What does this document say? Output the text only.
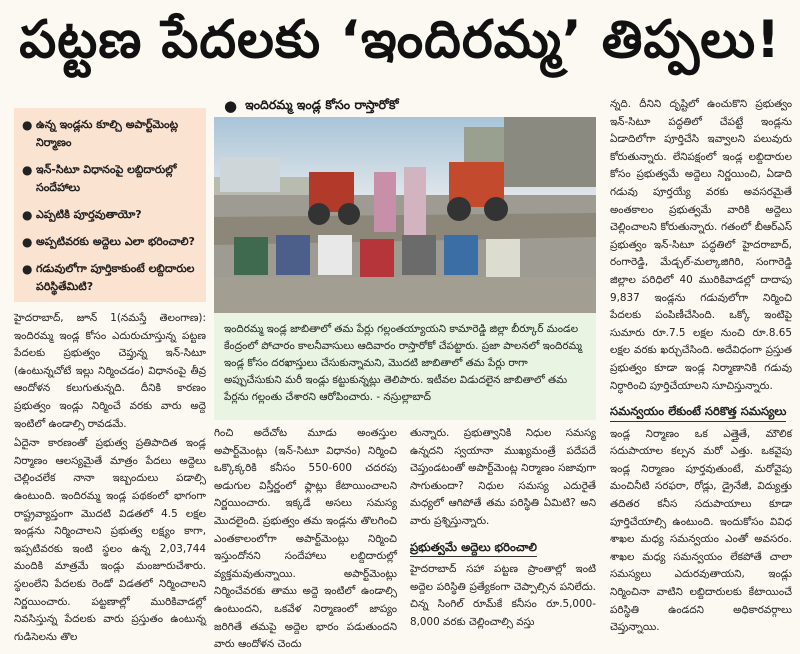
పట్టణ పేదలకు ‘ఇందిరమ్మ’ తిప్పలు!
● ఉన్న ఇండ్లను కూల్చి అపార్ట్‌మెంట్ల నిర్మాణం
● ఇన్-సిటూ విధానంపై లబ్దిదారుల్లో సందేహాలు
● ఎప్పటికి పూర్తవుతాయో?
● అప్పటివరకు అద్దెలు ఎలా భరించాలి?
● గడువులోగా పూర్తికాకుంటే లబ్దిదారుల పరిస్థితేమిటి?
● ఇందిరమ్మ ఇండ్ల కోసం రాస్తారోకో
ఇందిరమ్మ ఇండ్ల జాబితాలో తమ పేర్లు గల్లంతయ్యాయని కామారెడ్డి జిల్లా బీర్కూర్ మండల కేంద్రంలో పోచారం కాలనీవాసులు ఆదివారం రాస్తారోకో చేపట్టారు. ప్రజా పాలనలో ఇందిరమ్మ ఇండ్ల కోసం దరఖాస్తులు చేసుకున్నామని, మొదటి జాబితాలో తమ పేర్లు రాగా అప్పుచేసుకుని మరీ ఇండ్లు కట్టుకున్నట్లు తెలిపారు. ఇటీవల విడుదలైన జాబితాలో తమ పేర్లను గల్లంతు చేశారని ఆరోపించారు. - నస్రుల్లాబాద్

హైదరాబాద్, జూన్ 1(నమస్తే తెలంగాణ): ఇందిరమ్మ ఇండ్ల కోసం ఎదురుచూస్తున్న పట్టణ పేదలకు ప్రభుత్వం చెప్తున్న ఇన్-సిటూ (ఉంటున్నచోటే ఇల్లు నిర్మించడం) విధానంపై తీవ్ర ఆందోళన కలుగుతున్నది. దీనికి కారణం ప్రభుత్వం ఇండ్లు నిర్మించే వరకు వారు అద్దె ఇంటిలో ఉండాల్సి రావడమే.

ఏదైనా కారణంతో ప్రభుత్వ ప్రతిపాదిత ఇండ్ల నిర్మాణం ఆలస్యమైతే మాత్రం పేదలు అద్దెలు చెల్లించలేక నానా ఇబ్బందులు పడాల్సి ఉంటుంది. ఇందిరమ్మ ఇండ్ల పథకంలో భాగంగా రాష్ట్రవ్యాప్తంగా మొదటి విడతలో 4.5 లక్షల ఇండ్లను నిర్మించాలని ప్రభుత్వ లక్ష్యం కాగా, ఇప్పటివరకు ఇంటి స్థలం ఉన్న 2,03,744 మందికి మాత్రమే ఇండ్లు మంజూరుచేశారు. స్థలంలేని పేదలకు రెండో విడతలో నిర్మించాలని నిర్ణయించారు. పట్టణాల్లో మురికివాడల్లో నివసిస్తున్న పేదలకు వారు ప్రస్తుతం ఉంటున్న గుడిసెలను తొల

గించి అదేచోట మూడు అంతస్తుల అపార్ట్‌మెంట్లు (ఇన్-సిటూ విధానం) నిర్మించి ఒక్కొక్కరికి కనీసం 550-600 చదరపు అడుగుల విస్తీర్ణంలో ఫ్లాట్లు కేటాయించాలని నిర్ణయించారు. ఇక్కడే అసలు సమస్య మొదలైంది. ప్రభుత్వం తమ ఇండ్లను తొలగించి ఎంతకాలంలోగా అపార్ట్‌మెంట్లు నిర్మించి ఇస్తుందోనని సందేహాలు లబ్దిదారుల్లో వ్యక్తమవుతున్నాయి. అపార్ట్‌మెంట్లు నిర్మించేవరకు తాము అద్దె ఇంటిలో ఉండాల్సి ఉంటుందని, ఒకవేళ నిర్మాణంలో జాప్యం జరిగితే తమపై అద్దెల భారం పడుతుందని వారు ఆందోళన చెందు

తున్నారు. ప్రభుత్వానికి నిధుల సమస్య ఉన్నదని స్వయానా ముఖ్యమంత్రే పదేపదే చెప్తుండటంతో అపార్ట్‌మెంట్ల నిర్మాణం సజావుగా సాగుతుందా? నిధుల సమస్య ఎదురైతే మధ్యలో ఆగిపోతే తమ పరిస్థితి ఏమిటి? అని వారు ప్రశ్నిస్తున్నారు.

ప్రభుత్వమే అద్దెలు భరించాలి

హైదరాబాద్ సహా పట్టణ ప్రాంతాల్లో ఇంటి అద్దెల పరిస్థితి ప్రత్యేకంగా చెప్పాల్సిన పనిలేదు. చిన్న సింగిల్ రూమ్‌కే కనీసం రూ.5,000-8,000 వరకు చెల్లించాల్సి వస్తు

న్నది. దీనిని దృష్టిలో ఉంచుకొని ప్రభుత్వం ఇన్-సిటూ పద్ధతిలో చేపట్టే ఇండ్లను ఏడాదిలోగా పూర్తిచేసి ఇవ్వాలని పలువురు కోరుతున్నారు. లేనిపక్షంలో ఇండ్ల లబ్దిదారుల కోసం ప్రభుత్వమే అద్దెలు నిర్ణయించి, ఏడాది గడువు పూర్తయ్యే వరకు అవసరమైతే అంతకాలం ప్రభుత్వమే వారికి అద్దెలు చెల్లించాలని కోరుతున్నారు. గతంలో బీఆర్ఎస్ ప్రభుత్వం ఇన్-సిటూ పద్ధతిలో హైదరాబాద్, రంగారెడ్డి, మేడ్చల్-మల్కాజిగిరి, సంగారెడ్డి జిల్లాల పరిధిలో 40 మురికివాడల్లో దాదాపు 9,837 ఇండ్లను గడువులోగా నిర్మించి పేదలకు పంపిణీచేసింది. ఒక్కో ఇంటిపై సుమారు రూ.7.5 లక్షల నుంచి రూ.8.65 లక్షల వరకు ఖర్చుచేసింది. అదేవిధంగా ప్రస్తుత ప్రభుత్వం కూడా ఇండ్ల నిర్మాణానికి గడువు నిర్ధారించి పూర్తిచేయాలని సూచిస్తున్నారు.

సమన్వయం లేకుంటే సరికొత్త సమస్యలు

ఇండ్ల నిర్మాణం ఒక ఎత్తైతే, మౌలిక సదుపాయాల కల్పన మరో ఎత్తు. ఒకవైపు ఇండ్ల నిర్మాణం పూర్తవుతుంటే, మరోవైపు మంచినీటి సరఫరా, రోడ్లు, డ్రైనేజీ, విద్యుత్తు తదితర కనీస సదుపాయాలు కూడా పూర్తిచేయాల్సి ఉంటుంది. ఇందుకోసం వివిధ శాఖల మధ్య సమన్వయం ఎంతో అవసరం. శాఖల మధ్య సమన్వయం లేకపోతే చాలా సమస్యలు ఎదురవుతాయని, ఇండ్లు నిర్మించినా వాటిని లబ్దిదారులకు కేటాయించే పరిస్థితి ఉండదని అధికారవర్గాలు చెప్తున్నాయి.
